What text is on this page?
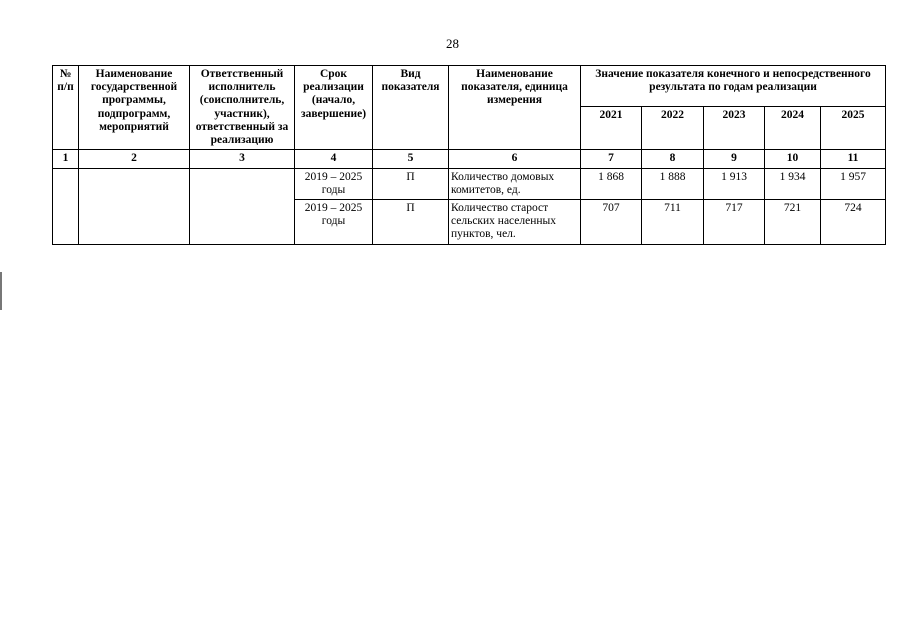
28
№ п/п	Наименование государственной программы, подпрограмм, мероприятий	Ответственный исполнитель (соисполнитель, участник), ответственный за реализацию	Срок реализации (начало, завершение)	Вид показателя	Наименование показателя, единица измерения	Значение показателя конечного и непосредственного результата по годам реализации				
						2021	2022	2023	2024	2025
1	2	3	4	5	6	7	8	9	10	11
			2019 – 2025 годы	П	Количество домовых комитетов, ед.	1 868	1 888	1 913	1 934	1 957
			2019 – 2025 годы	П	Количество старост сельских населенных пунктов, чел.	707	711	717	721	724
